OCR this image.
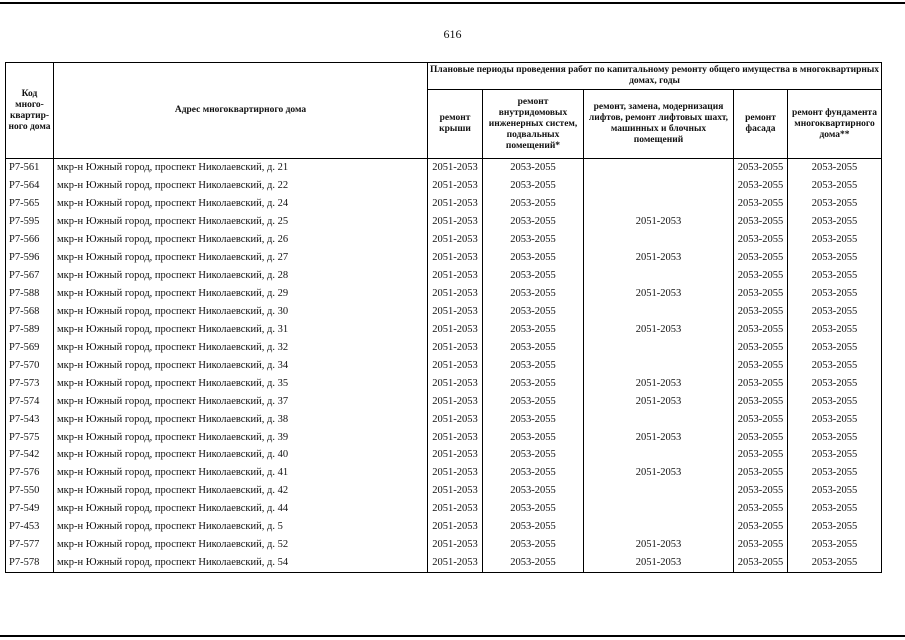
616
Код много-квартир-ного дома	Адрес многоквартирного дома	Плановые периоды проведения работ по капитальному ремонту общего имущества в многоквартирных домах, годы				
		ремонт крыши	ремонт внутридомовых инженерных систем, подвальных помещений*	ремонт, замена, модернизация лифтов, ремонт лифтовых шахт, машинных и блочных помещений	ремонт фасада	ремонт фундамента многоквартирного дома**
Р7-561	мкр-н Южный город, проспект Николаевский, д. 21	2051-2053	2053-2055		2053-2055	2053-2055
Р7-564	мкр-н Южный город, проспект Николаевский, д. 22	2051-2053	2053-2055		2053-2055	2053-2055
Р7-565	мкр-н Южный город, проспект Николаевский, д. 24	2051-2053	2053-2055		2053-2055	2053-2055
Р7-595	мкр-н Южный город, проспект Николаевский, д. 25	2051-2053	2053-2055	2051-2053	2053-2055	2053-2055
Р7-566	мкр-н Южный город, проспект Николаевский, д. 26	2051-2053	2053-2055		2053-2055	2053-2055
Р7-596	мкр-н Южный город, проспект Николаевский, д. 27	2051-2053	2053-2055	2051-2053	2053-2055	2053-2055
Р7-567	мкр-н Южный город, проспект Николаевский, д. 28	2051-2053	2053-2055		2053-2055	2053-2055
Р7-588	мкр-н Южный город, проспект Николаевский, д. 29	2051-2053	2053-2055	2051-2053	2053-2055	2053-2055
Р7-568	мкр-н Южный город, проспект Николаевский, д. 30	2051-2053	2053-2055		2053-2055	2053-2055
Р7-589	мкр-н Южный город, проспект Николаевский, д. 31	2051-2053	2053-2055	2051-2053	2053-2055	2053-2055
Р7-569	мкр-н Южный город, проспект Николаевский, д. 32	2051-2053	2053-2055		2053-2055	2053-2055
Р7-570	мкр-н Южный город, проспект Николаевский, д. 34	2051-2053	2053-2055		2053-2055	2053-2055
Р7-573	мкр-н Южный город, проспект Николаевский, д. 35	2051-2053	2053-2055	2051-2053	2053-2055	2053-2055
Р7-574	мкр-н Южный город, проспект Николаевский, д. 37	2051-2053	2053-2055	2051-2053	2053-2055	2053-2055
Р7-543	мкр-н Южный город, проспект Николаевский, д. 38	2051-2053	2053-2055		2053-2055	2053-2055
Р7-575	мкр-н Южный город, проспект Николаевский, д. 39	2051-2053	2053-2055	2051-2053	2053-2055	2053-2055
Р7-542	мкр-н Южный город, проспект Николаевский, д. 40	2051-2053	2053-2055		2053-2055	2053-2055
Р7-576	мкр-н Южный город, проспект Николаевский, д. 41	2051-2053	2053-2055	2051-2053	2053-2055	2053-2055
Р7-550	мкр-н Южный город, проспект Николаевский, д. 42	2051-2053	2053-2055		2053-2055	2053-2055
Р7-549	мкр-н Южный город, проспект Николаевский, д. 44	2051-2053	2053-2055		2053-2055	2053-2055
Р7-453	мкр-н Южный город, проспект Николаевский, д. 5	2051-2053	2053-2055		2053-2055	2053-2055
Р7-577	мкр-н Южный город, проспект Николаевский, д. 52	2051-2053	2053-2055	2051-2053	2053-2055	2053-2055
Р7-578	мкр-н Южный город, проспект Николаевский, д. 54	2051-2053	2053-2055	2051-2053	2053-2055	2053-2055
